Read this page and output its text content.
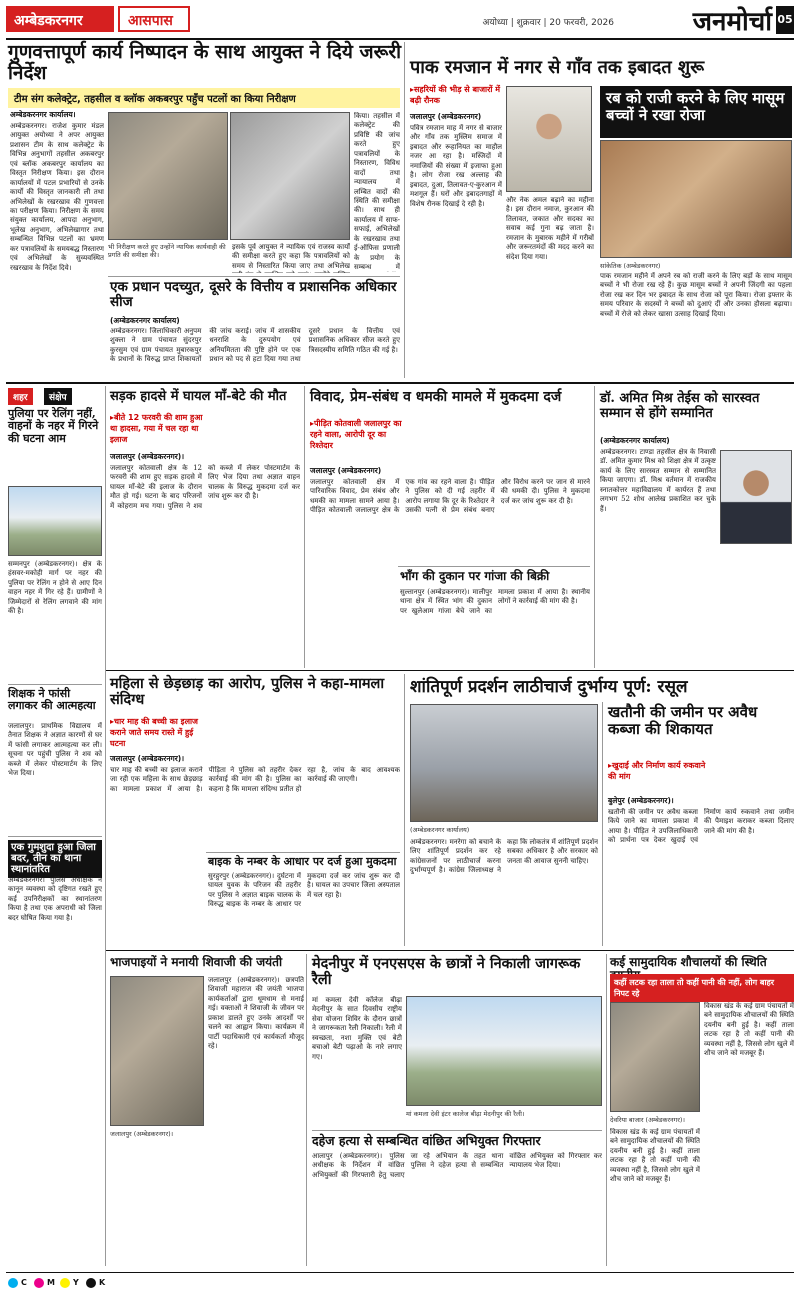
अम्बेडकरनगर	आसपास	अयोध्या | शुक्रवार | 20 फरवरी, 2026	जनमोर्चा 05
गुणवत्तापूर्ण कार्य निष्पादन के साथ आयुक्त ने दिये जरूरी निर्देश
टीम संग कलेक्ट्रेट, तहसील व ब्लॉक अकबरपुर पहुँच पटलों का किया निरीक्षण
अम्बेडकरनगर कार्यालय।
अम्बेडकरनगर। राजेश कुमार मंडल आयुक्त अयोध्या ने अपर आयुक्त प्रशासन टीम के साथ कलेक्ट्रेट के विभिन्न अनुभागों तहसील अकबरपुर एवं ब्लॉक अकबरपुर कार्यालय का विस्तृत निरीक्षण किया। इस दौरान कार्यालयों में पटल प्रभारियों से उनके कार्यों की विस्तृत जानकारी ली तथा अभिलेखों के रखरखाव की गुणवत्ता का परीक्षण किया। निरीक्षण के समय संयुक्त कार्यालय, आपदा अनुभाग, भूलेख अनुभाग, अभिलेखागार तथा सम्बन्धित विभिन्न पटलों का भ्रमण कर पत्रावलियों के समयबद्ध निस्तारण एवं अभिलेखों के सुव्यवस्थित रखरखाव के निर्देश दिये।
भी निरीक्षण करते हुए उन्होंने न्यायिक कार्यवाही की प्रगति की समीक्षा की।
इसके पूर्व आयुक्त ने न्यायिक एवं राजस्व कार्यों की समीक्षा करते हुए कहा कि पत्रावलियों को समय से निस्तारित किया जाए तथा अभिलेख
किया। तहसील में कलेक्ट्रेट की प्रविष्टि की जांच करते हुए पत्रावलियों के निस्तारण, विविध वादों तथा न्यायालय में लम्बित वादों की स्थिति की समीक्षा की। साथ ही कार्यालय में साफ-सफाई, अभिलेखों के रखरखाव तथा ई-ऑफिस प्रणाली के प्रयोग के सम्बन्ध में
एक प्रधान पदच्युत, दूसरे के वित्तीय व प्रशासनिक अधिकार सीज
(अम्बेडकरनगर कार्यालय)
अम्बेडकरनगर। जिलाधिकारी अनुपम शुक्ला ने ग्राम पंचायत सुंदरपुर कुरसुम एवं ग्राम पंचायत मुबारकपुर के प्रधानों के विरुद्ध प्राप्त शिकायतों की जांच कराई। जांच में शासकीय धनराशि के दुरुपयोग एवं अनियमितता की पुष्टि होने पर एक प्रधान को पद से हटा दिया गया तथा दूसरे प्रधान के वित्तीय एवं प्रशासनिक अधिकार सीज करते हुए त्रिसदस्यीय समिति गठित की गई है।
पाक रमजान में नगर से गाँव तक इबादत शुरू
▸ सहरियों की भीड़ से बाजारों में बढ़ी रौनक
जलालपुर (अम्बेडकरनगर)
पवित्र रमजान माह में नगर से बाजार और गाँव तक मुस्लिम समाज में इबादत और रूहानियत का माहौल नजर आ रहा है। मस्जिदों में नमाजियों की संख्या में इजाफा हुआ है। लोग रोजा रख अल्लाह की इबादत, दुआ, तिलावत-ए-कुरआन में मशगूल हैं। घरों और इबादतगाहों में विशेष रौनक दिखाई दे रही है।	और नेक अमल बढ़ाने का महीना है। इस दौरान नमाज, कुरआन की तिलावत, जकात और सदका का सवाब कई गुना बढ़ जाता है। रमजान के मुबारक महीने में गरीबों और जरूरतमंदों की मदद करने का संदेश दिया गया।
रब को राजी करने के लिए मासूम बच्चों ने रखा रोजा
सांकेतिक (अम्बेडकरनगर)
पाक रमजान महीने में अपने रब को राजी करने के लिए बड़ों के साथ मासूम बच्चों ने भी रोजा रख रहे हैं। कुछ मासूम बच्चों ने अपनी जिंदगी का पहला रोजा रख कर दिन भर इबादत के साथ रोजा को पूरा किया। रोजा इफ्तार के समय परिवार के सदस्यों ने बच्चों को दुआएं दीं और उनका हौसला बढ़ाया। बच्चों में रोजे को लेकर खासा उत्साह दिखाई दिया।
शहर	संक्षेप
पुलिया पर रेलिंग नहीं, वाहनों के नहर में गिरने की घटना आम
सम्मनपुर (अम्बेडकरनगर)। क्षेत्र के हंसवर-मकोही मार्ग पर नहर की पुलिया पर रेलिंग न होने से आए दिन वाहन नहर में गिर रहे हैं। ग्रामीणों ने जिम्मेदारों से रेलिंग लगवाने की मांग की है।
शिक्षक ने फांसी लगाकर की आत्महत्या
जलालपुर। प्राथमिक विद्यालय में तैनात शिक्षक ने अज्ञात कारणों से घर में फांसी लगाकर आत्महत्या कर ली। सूचना पर पहुंची पुलिस ने शव को कब्जे में लेकर पोस्टमार्टम के लिए भेज दिया।
एक गुमशुदा हुआ जिला बदर, तीन का थाना स्थानांतरित
अम्बेडकरनगर। पुलिस अधीक्षक ने कानून व्यवस्था को दृष्टिगत रखते हुए कई उपनिरीक्षकों का स्थानांतरण किया है तथा एक अपराधी को जिला बदर घोषित किया गया है।
सड़क हादसे में घायल माँ-बेटे की मौत
▸ बीते 12 फरवरी की शाम हुआ था हादसा, गया में चल रहा था इलाज
जलालपुर (अम्बेडकरनगर)।
जलालपुर कोतवाली क्षेत्र के 12 फरवरी की शाम हुए सड़क हादसे में घायल माँ-बेटे की इलाज के दौरान मौत हो गई। घटना के बाद परिजनों में कोहराम मच गया। पुलिस ने शव को कब्जे में लेकर पोस्टमार्टम के लिए भेज दिया तथा अज्ञात वाहन चालक के विरुद्ध मुकदमा दर्ज कर जांच शुरू कर दी है।
विवाद, प्रेम-संबंध व धमकी मामले में मुकदमा दर्ज
▸ पीड़ित कोतवाली जलालपुर का रहने वाला, आरोपी दूर का रिश्तेदार
जलालपुर (अम्बेडकरनगर)
जलालपुर कोतवाली क्षेत्र में पारिवारिक विवाद, प्रेम संबंध और धमकी का मामला सामने आया है। पीड़ित कोतवाली जलालपुर क्षेत्र के एक गांव का रहने वाला है। पीड़ित ने पुलिस को दी गई तहरीर में आरोप लगाया कि दूर के रिश्तेदार ने उसकी पत्नी से प्रेम संबंध बनाए और विरोध करने पर जान से मारने की धमकी दी। पुलिस ने मुकदमा दर्ज कर जांच शुरू कर दी है।
भाँग की दुकान पर गांजा की बिक्री
सुल्तानपुर (अम्बेडकरनगर)। मालीपुर थाना क्षेत्र में स्थित भांग की दुकान पर खुलेआम गांजा बेचे जाने का मामला प्रकाश में आया है। स्थानीय लोगों ने कार्रवाई की मांग की है।
डॉ. अमित मिश्र तेईस को सारस्वत सम्मान से होंगे सम्मानित
(अम्बेडकरनगर कार्यालय)
अम्बेडकरनगर। टाण्डा तहसील क्षेत्र के निवासी डॉ. अमित कुमार मिश्र को शिक्षा क्षेत्र में उत्कृष्ट कार्य के लिए सारस्वत सम्मान से सम्मानित किया जाएगा। डॉ. मिश्र वर्तमान में राजकीय स्नातकोत्तर महाविद्यालय में कार्यरत हैं तथा लगभग 52 शोध आलेख प्रकाशित कर चुके हैं।
महिला से छेड़छाड़ का आरोप, पुलिस ने कहा-मामला संदिग्ध
▸ चार माह की बच्ची का इलाज कराने जाते समय रास्ते में हुई घटना
जलालपुर (अम्बेडकरनगर)।
चार माह की बच्ची का इलाज कराने जा रही एक महिला के साथ छेड़छाड़ का मामला प्रकाश में आया है। पीड़िता ने पुलिस को तहरीर देकर कार्रवाई की मांग की है। पुलिस का कहना है कि मामला संदिग्ध प्रतीत हो रहा है, जांच के बाद आवश्यक कार्रवाई की जाएगी।
बाइक के नम्बर के आधार पर दर्ज हुआ मुकदमा
सुरहुरपुर (अम्बेडकरनगर)। दुर्घटना में घायल युवक के परिजन की तहरीर पर पुलिस ने अज्ञात बाइक चालक के विरुद्ध बाइक के नम्बर के आधार पर मुकदमा दर्ज कर जांच शुरू कर दी है। घायल का उपचार जिला अस्पताल में चल रहा है।
शांतिपूर्ण प्रदर्शन लाठीचार्ज दुर्भाग्य पूर्ण: रसूल
(अम्बेडकरनगर कार्यालय)
अम्बेडकरनगर। मनरेगा को बचाने के लिए शांतिपूर्ण प्रदर्शन कर रहे कांग्रेसजनों पर लाठीचार्ज करना दुर्भाग्यपूर्ण है। कांग्रेस जिलाध्यक्ष ने कहा कि लोकतंत्र में शांतिपूर्ण प्रदर्शन सबका अधिकार है और सरकार को जनता की आवाज सुननी चाहिए।
खतौनी की जमीन पर अवैध कब्जा की शिकायत
▸ खुदाई और निर्माण कार्य रुकवाने की मांग
बुलेपुर (अम्बेडकरनगर)।
खतौनी की जमीन पर अवैध कब्जा किये जाने का मामला प्रकाश में आया है। पीड़ित ने उपजिलाधिकारी को प्रार्थना पत्र देकर खुदाई एवं निर्माण कार्य रुकवाने तथा जमीन की पैमाइश कराकर कब्जा दिलाए जाने की मांग की है।
भाजपाइयों ने मनायी शिवाजी की जयंती
जलालपुर (अम्बेडकरनगर)।
जलालपुर (अम्बेडकरनगर)। छत्रपति शिवाजी महाराज की जयंती भाजपा कार्यकर्ताओं द्वारा धूमधाम से मनाई गई। वक्ताओं ने शिवाजी के जीवन पर प्रकाश डालते हुए उनके आदर्शों पर चलने का आह्वान किया। कार्यक्रम में पार्टी पदाधिकारी एवं कार्यकर्ता मौजूद रहे।
मेदनीपुर में एनएसएस के छात्रों ने निकाली जागरूक रैली
मां कमला देवी कॉलेज बीढ़ा मेदनीपुर के सात दिवसीय राष्ट्रीय सेवा योजना शिविर के दौरान छात्रों ने जागरूकता रैली निकाली। रैली में स्वच्छता, नशा मुक्ति एवं बेटी बचाओ बेटी पढ़ाओ के नारे लगाए गए।
मां कमला देवी इंटर कालेज बीढ़ा मेदनीपुर की रैली।
दहेज हत्या से सम्बन्धित वांछित अभियुक्त गिरफ्तार
आलापुर (अम्बेडकरनगर)। पुलिस अधीक्षक के निर्देशन में वांछित अभियुक्तों की गिरफ्तारी हेतु चलाए जा रहे अभियान के तहत थाना पुलिस ने दहेज हत्या से सम्बन्धित वांछित अभियुक्त को गिरफ्तार कर न्यायालय भेज दिया।
कई सामुदायिक शौचालयों की स्थिति
कहीं लटक रहा ताला तो कहीं पानी की नहीं, लोग बाहर निपट रहे
देवरिया बाजार (अम्बेडकरनगर)।
विकास खंड के कई ग्राम पंचायतों में बने सामुदायिक शौचालयों की स्थिति दयनीय बनी हुई है। कहीं ताला लटक रहा है तो कहीं पानी की व्यवस्था नहीं है, जिससे लोग खुले में शौच जाने को मजबूर हैं।
विकास खंड के कई ग्राम पंचायतों में बने सामुदायिक शौचालयों की स्थिति दयनीय बनी हुई है। कहीं ताला लटक रहा है तो कहीं पानी की व्यवस्था नहीं है, जिससे लोग खुले में शौच जाने को मजबूर हैं।
C	M Y	K
